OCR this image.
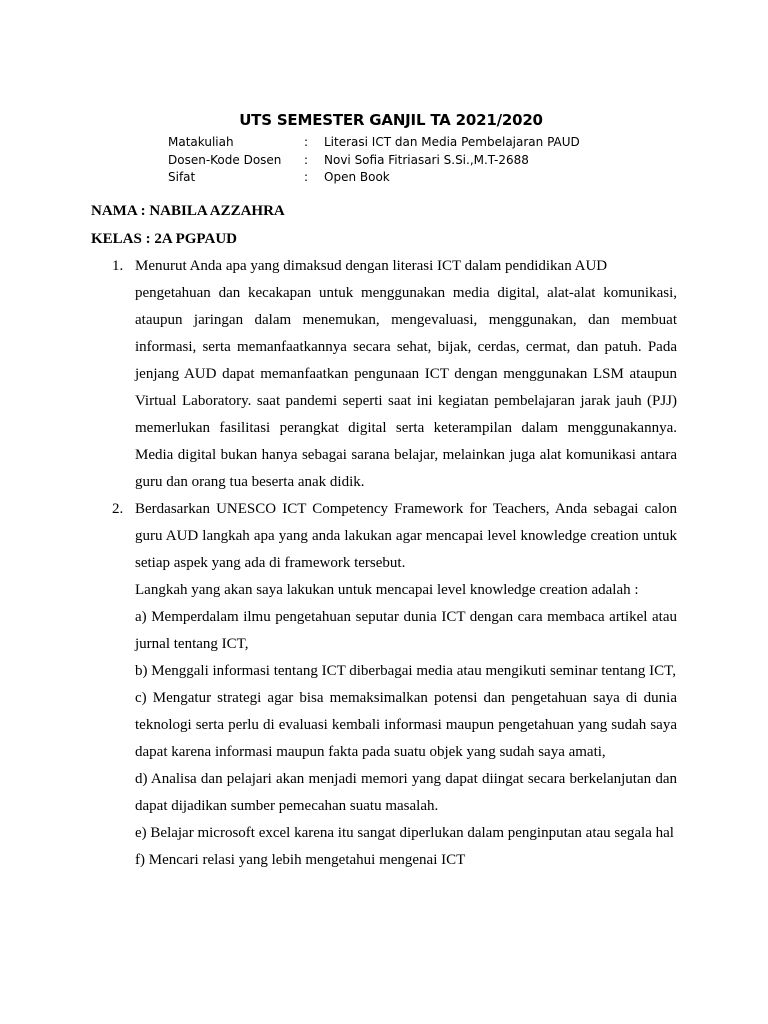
UTS SEMESTER GANJIL TA 2021/2020
Matakuliah	: Literasi ICT dan Media Pembelajaran PAUD
Dosen-Kode Dosen : Novi Sofia Fitriasari S.Si.,M.T-2688
Sifat	: Open Book
NAMA : NABILA AZZAHRA
KELAS : 2A PGPAUD
1. Menurut Anda apa yang dimaksud dengan literasi ICT dalam pendidikan AUD

pengetahuan dan kecakapan untuk menggunakan media digital, alat-alat komunikasi, ataupun jaringan dalam menemukan, mengevaluasi, menggunakan, dan membuat informasi, serta memanfaatkannya secara sehat, bijak, cerdas, cermat, dan patuh. Pada jenjang AUD dapat memanfaatkan pengunaan ICT dengan menggunakan LSM ataupun Virtual Laboratory. saat pandemi seperti saat ini kegiatan pembelajaran jarak jauh (PJJ) memerlukan fasilitasi perangkat digital serta keterampilan dalam menggunakannya. Media digital bukan hanya sebagai sarana belajar, melainkan juga alat komunikasi antara guru dan orang tua beserta anak didik.

2. Berdasarkan UNESCO ICT Competency Framework for Teachers, Anda sebagai calon guru AUD langkah apa yang anda lakukan agar mencapai level knowledge creation untuk setiap aspek yang ada di framework tersebut.

Langkah yang akan saya lakukan untuk mencapai level knowledge creation adalah :

a) Memperdalam ilmu pengetahuan seputar dunia ICT dengan cara membaca artikel atau jurnal tentang ICT,

b) Menggali informasi tentang ICT diberbagai media atau mengikuti seminar tentang ICT,

c) Mengatur strategi agar bisa memaksimalkan potensi dan pengetahuan saya di dunia teknologi serta perlu di evaluasi kembali informasi maupun pengetahuan yang sudah saya dapat karena informasi maupun fakta pada suatu objek yang sudah saya amati,

d) Analisa dan pelajari akan menjadi memori yang dapat diingat secara berkelanjutan dan dapat dijadikan sumber pemecahan suatu masalah.

e) Belajar microsoft excel karena itu sangat diperlukan dalam penginputan atau segala hal

f) Mencari relasi yang lebih mengetahui mengenai ICT
